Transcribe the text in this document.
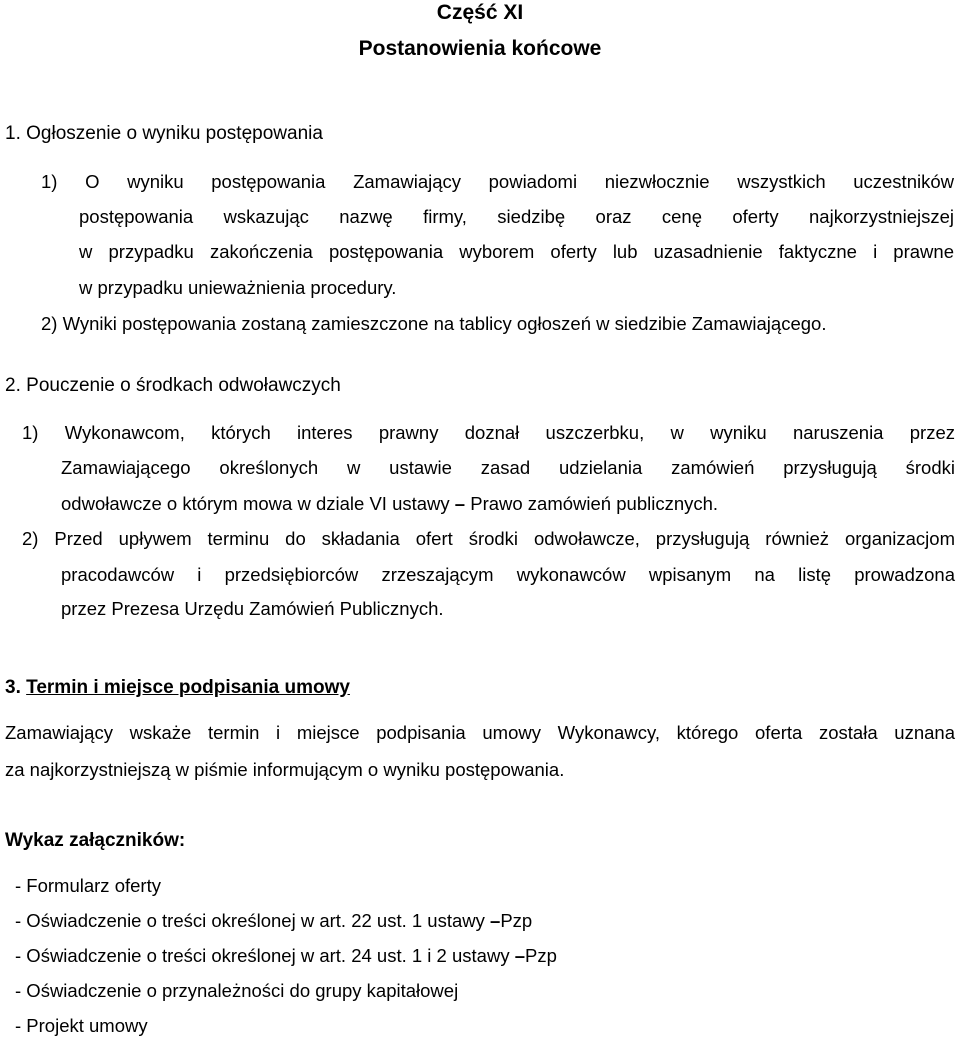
Część XI
Postanowienia końcowe
1. Ogłoszenie o wyniku postępowania
1) O wyniku postępowania Zamawiający powiadomi niezwłocznie wszystkich uczestników
postępowania wskazując nazwę firmy, siedzibę oraz cenę oferty najkorzystniejszej
w przypadku zakończenia postępowania wyborem oferty lub uzasadnienie faktyczne i prawne
w przypadku unieważnienia procedury.
2) Wyniki postępowania zostaną zamieszczone na tablicy ogłoszeń w siedzibie Zamawiającego.
2. Pouczenie o środkach odwoławczych
1) Wykonawcom, których interes prawny doznał uszczerbku, w wyniku naruszenia przez
Zamawiającego określonych w ustawie zasad udzielania zamówień przysługują środki
odwoławcze o którym mowa w dziale VI ustawy – Prawo zamówień publicznych.
2) Przed upływem terminu do składania ofert środki odwoławcze, przysługują również organizacjom
pracodawców i przedsiębiorców zrzeszającym wykonawców wpisanym na listę prowadzona
przez Prezesa Urzędu Zamówień Publicznych.
3. Termin i miejsce podpisania umowy
Zamawiający wskaże termin i miejsce podpisania umowy Wykonawcy, którego oferta została uznana
za najkorzystniejszą w piśmie informującym o wyniku postępowania.
Wykaz załączników:
- Formularz oferty
- Oświadczenie o treści określonej w art. 22 ust. 1 ustawy –Pzp
- Oświadczenie o treści określonej w art. 24 ust. 1 i 2 ustawy –Pzp
- Oświadczenie o przynależności do grupy kapitałowej
- Projekt umowy
